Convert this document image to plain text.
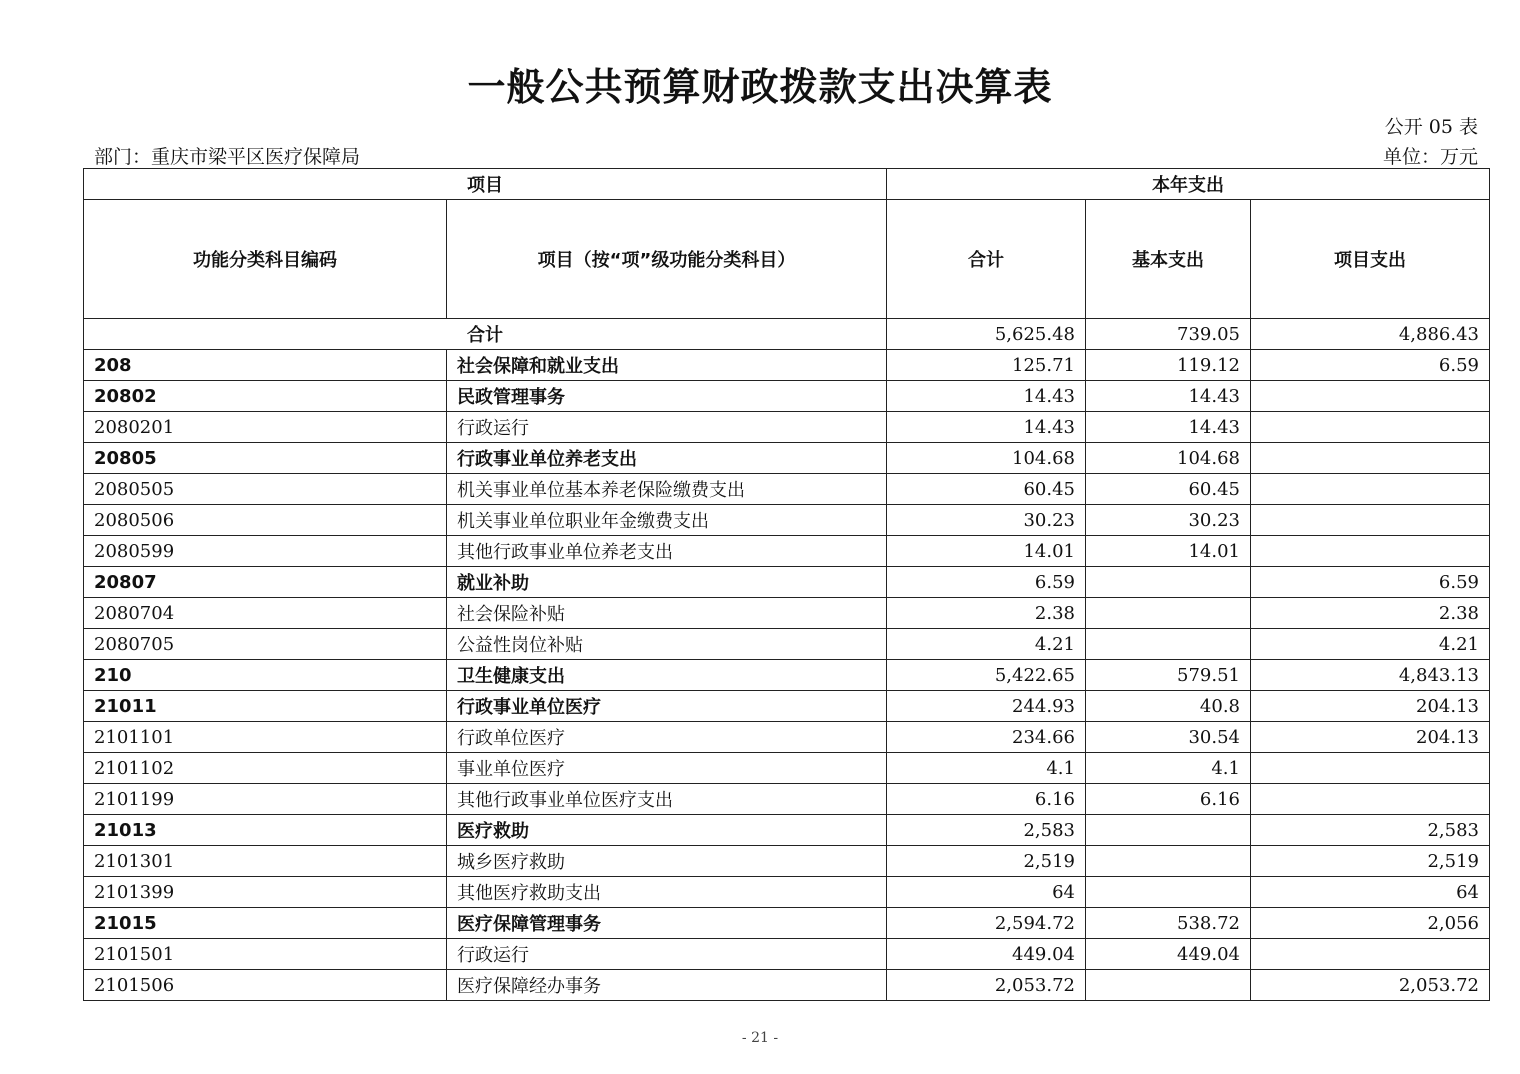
一般公共预算财政拨款支出决算表
公开 05 表
部门：重庆市梁平区医疗保障局	单位：万元
项目		本年支出		
功能分类科目编码	项目（按“项”级功能分类科目）	合计	基本支出	项目支出
合计		5,625.48	739.05	4,886.43
208	社会保障和就业支出	125.71	119.12	6.59
20802	民政管理事务	14.43	14.43	
2080201	行政运行	14.43	14.43	
20805	行政事业单位养老支出	104.68	104.68	
2080505	机关事业单位基本养老保险缴费支出	60.45	60.45	
2080506	机关事业单位职业年金缴费支出	30.23	30.23	
2080599	其他行政事业单位养老支出	14.01	14.01	
20807	就业补助	6.59		6.59
2080704	社会保险补贴	2.38		2.38
2080705	公益性岗位补贴	4.21		4.21
210	卫生健康支出	5,422.65	579.51	4,843.13
21011	行政事业单位医疗	244.93	40.8	204.13
2101101	行政单位医疗	234.66	30.54	204.13
2101102	事业单位医疗	4.1	4.1	
2101199	其他行政事业单位医疗支出	6.16	6.16	
21013	医疗救助	2,583		2,583
2101301	城乡医疗救助	2,519		2,519
2101399	其他医疗救助支出	64		64
21015	医疗保障管理事务	2,594.72	538.72	2,056
2101501	行政运行	449.04	449.04	
2101506	医疗保障经办事务	2,053.72		2,053.72
- 21 -
